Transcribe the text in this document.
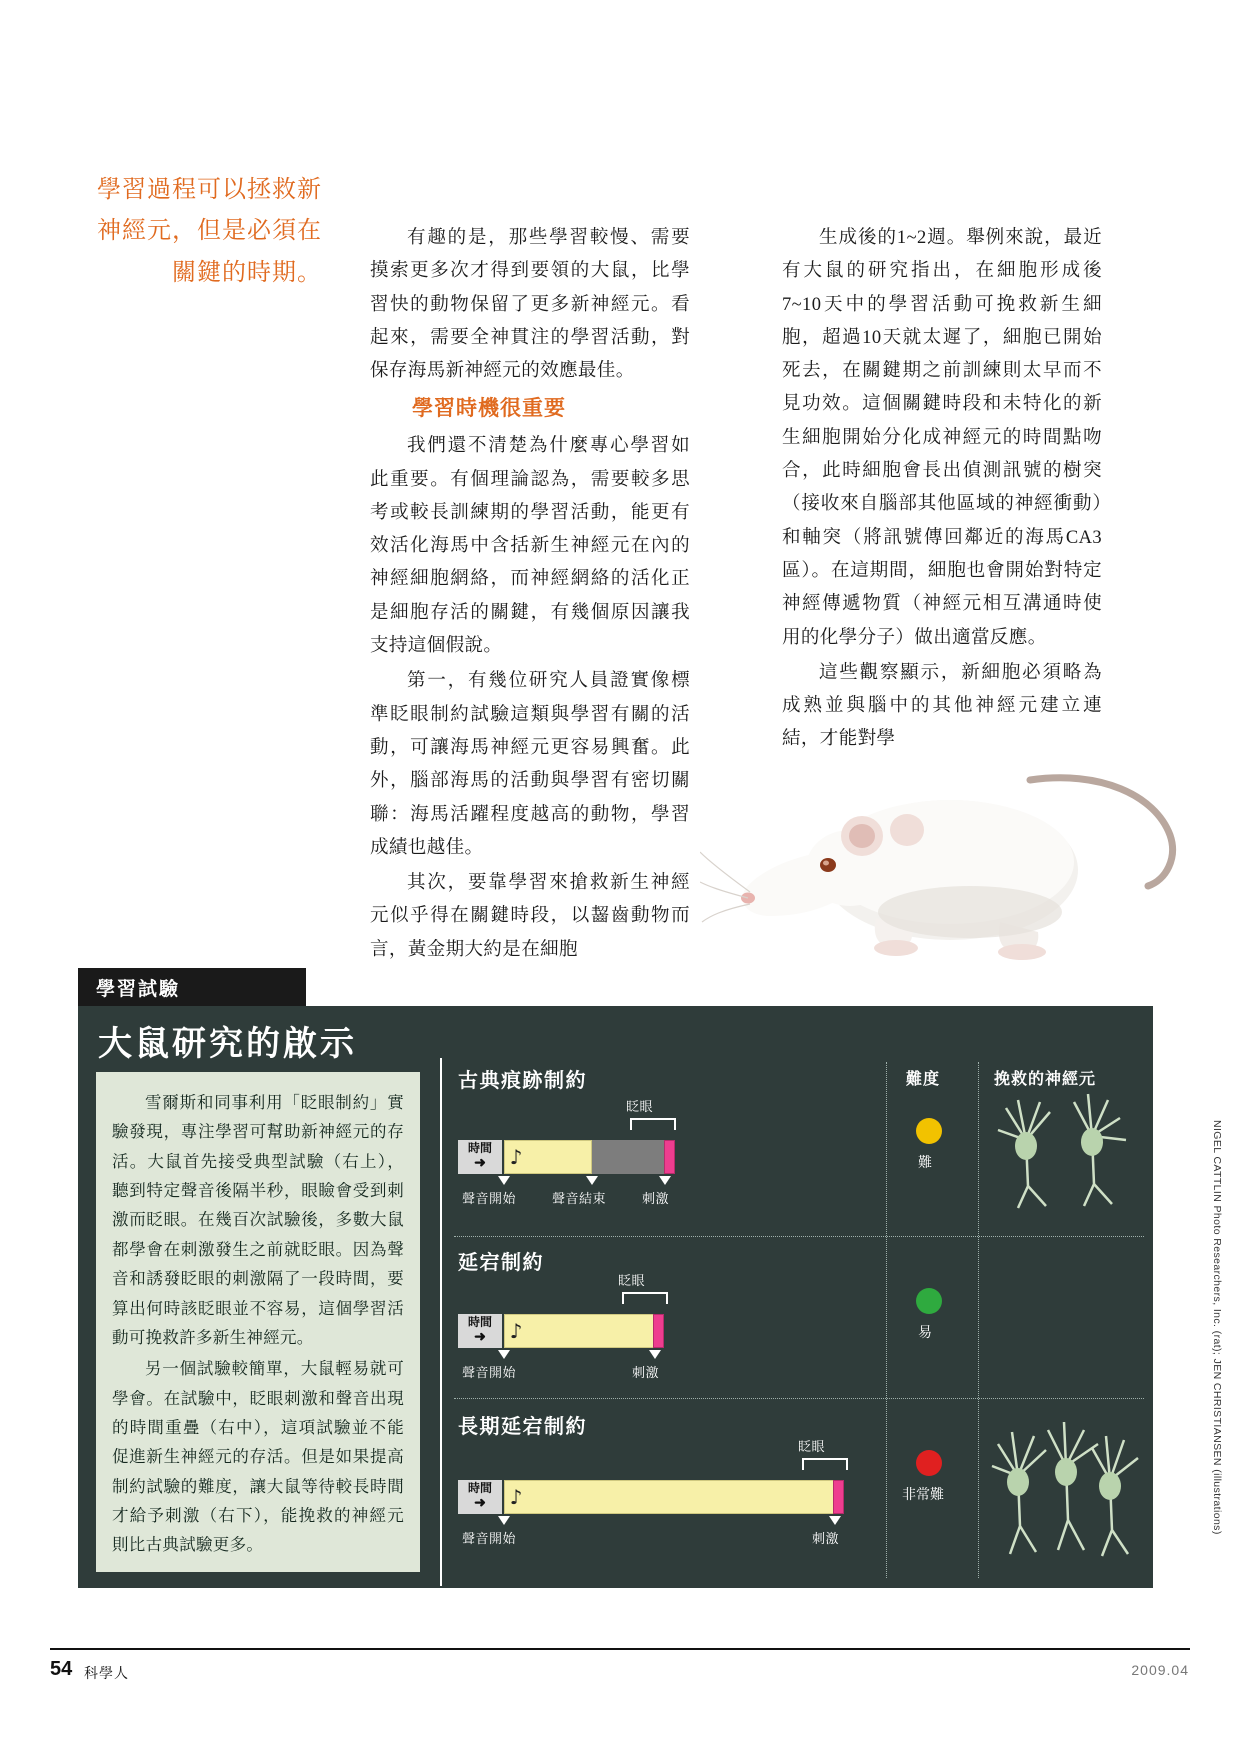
學習過程可以拯救新神經元，但是必須在關鍵的時期。

有趣的是，那些學習較慢、需要摸索更多次才得到要領的大鼠，比學習快的動物保留了更多新神經元。看起來，需要全神貫注的學習活動，對保存海馬新神經元的效應最佳。

學習時機很重要

我們還不清楚為什麼專心學習如此重要。有個理論認為，需要較多思考或較長訓練期的學習活動，能更有效活化海馬中含括新生神經元在內的神經細胞網絡，而神經網絡的活化正是細胞存活的關鍵，有幾個原因讓我支持這個假說。

第一，有幾位研究人員證實像標準眨眼制約試驗這類與學習有關的活動，可讓海馬神經元更容易興奮。此外，腦部海馬的活動與學習有密切關聯：海馬活躍程度越高的動物，學習成績也越佳。

其次，要靠學習來搶救新生神經元似乎得在關鍵時段，以齧齒動物而言，黃金期大約是在細胞

生成後的1~2週。舉例來說，最近有大鼠的研究指出，在細胞形成後7~10天中的學習活動可挽救新生細胞，超過10天就太遲了，細胞已開始死去，在關鍵期之前訓練則太早而不見功效。這個關鍵時段和未特化的新生細胞開始分化成神經元的時間點吻合，此時細胞會長出偵測訊號的樹突（接收來自腦部其他區域的神經衝動）和軸突（將訊號傳回鄰近的海馬CA3區）。在這期間，細胞也會開始對特定神經傳遞物質（神經元相互溝通時使用的化學分子）做出適當反應。

這些觀察顯示，新細胞必須略為成熟並與腦中的其他神經元建立連結，才能對學

NIGEL CATTLIN Photo Researchers, Inc. (rat); JEN CHRISTIANSEN (illustrations)
學習試驗
大鼠研究的啟示

雪爾斯和同事利用「眨眼制約」實驗發現，專注學習可幫助新神經元的存活。大鼠首先接受典型試驗（右上），聽到特定聲音後隔半秒，眼瞼會受到刺激而眨眼。在幾百次試驗後，多數大鼠都學會在刺激發生之前就眨眼。因為聲音和誘發眨眼的刺激隔了一段時間，要算出何時該眨眼並不容易，這個學習活動可挽救許多新生神經元。

另一個試驗較簡單，大鼠輕易就可學會。在試驗中，眨眼刺激和聲音出現的時間重疊（右中），這項試驗並不能促進新生神經元的存活。但是如果提高制約試驗的難度，讓大鼠等待較長時間才給予刺激（右下），能挽救的神經元則比古典試驗更多。

難度	挽救的神經元
古典痕跡制約
時間
➜ ♪
聲音開始	聲音結束	刺激
眨眼
難
延宕制約
時間
➜ ♪
聲音開始	刺激
眨眼
易
長期延宕制約
時間
➜ ♪
聲音開始	刺激
眨眼
非常難
54 科學人	2009.04
